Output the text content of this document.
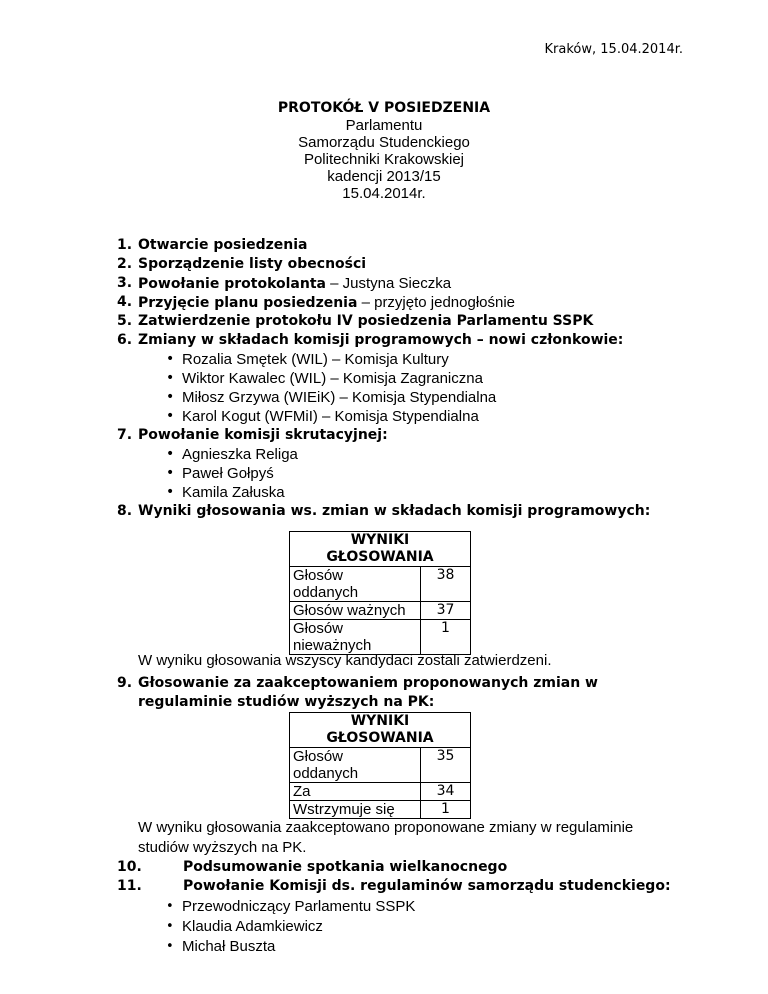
Kraków, 15.04.2014r.
PROTOKÓŁ V POSIEDZENIA
Parlamentu
Samorządu Studenckiego
Politechniki Krakowskiej
kadencji 2013/15
15.04.2014r.
1. Otwarcie posiedzenia
2. Sporządzenie listy obecności
3. Powołanie protokolanta – Justyna Sieczka
4. Przyjęcie planu posiedzenia – przyjęto jednogłośnie
5. Zatwierdzenie protokołu IV posiedzenia Parlamentu SSPK
6. Zmiany w składach komisji programowych – nowi członkowie:
• Rozalia Smętek (WIL) – Komisja Kultury
• Wiktor Kawalec (WIL) – Komisja Zagraniczna
• Miłosz Grzywa (WIEiK) – Komisja Stypendialna
• Karol Kogut (WFMiI) – Komisja Stypendialna
7. Powołanie komisji skrutacyjnej:
• Agnieszka Religa
• Paweł Gołpyś
• Kamila Załuska
8. Wyniki głosowania ws. zmian w składach komisji programowych:
WYNIKI
GŁOSOWANIA	
Głosów
oddanych	38
Głosów ważnych	37
Głosów
nieważnych	1
W wyniku głosowania wszyscy kandydaci zostali zatwierdzeni.
9. Głosowanie za zaakceptowaniem proponowanych zmian w

regulaminie studiów wyższych na PK:
WYNIKI
GŁOSOWANIA	
Głosów
oddanych	35
Za	34
Wstrzymuje się	1
W wyniku głosowania zaakceptowano proponowane zmiany w regulaminie
studiów wyższych na PK.
10.	Podsumowanie spotkania wielkanocnego
11.	Powołanie Komisji ds. regulaminów samorządu studenckiego:
• Przewodniczący Parlamentu SSPK
• Klaudia Adamkiewicz
• Michał Buszta
